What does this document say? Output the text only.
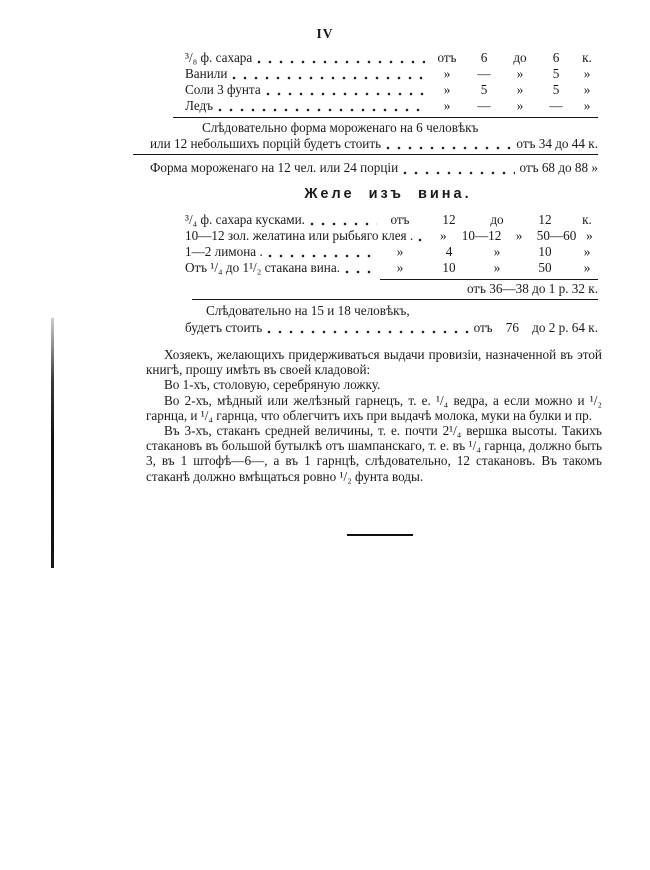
IV
³/₈ ф. сахара	отъ	6	до	6	к.
Ванили	»	—	»	5	»
Соли 3 фунта	»	5	»	5	»
Ледъ	»	—	»	—	»
Слѣдовательно форма мороженаго на 6 человѣкъ
или 12 небольшихъ порцій будетъ стоить	отъ 34 до 44 к.
Форма мороженаго на 12 чел. или 24 порціи	отъ 68 до 88 »
Желе изъ вина.
³/₄ ф. сахара кусками.	отъ	12	до	12	к.
10—12 зол. желатина или рыбьяго клея .	»	10—12	»	50—60 »
1—2 лимона .	»	4	»	10	»
Отъ ¹/₄ до 1¹/₂ стакана вина.	»	10	»	50	»
отъ 36—38 до 1 р. 32 к.
Слѣдовательно на 15 и 18 человѣкъ,
будетъ стоить	отъ    76    до 2 р. 64 к.

Хозяекъ, желающихъ придерживаться выдачи провизіи, назначенной въ этой книгѣ, прошу имѣть въ своей кладовой:

Во 1-хъ, столовую, серебряную ложку.

Во 2-хъ, мѣдный или желѣзный гарнецъ, т. е. ¹/₄ ведра, а если можно и ¹/₂ гарнца, и ¹/₄ гарнца, что облегчитъ ихъ при выдачѣ молока, муки на булки и пр.

Въ 3-хъ, стаканъ средней величины, т. е. почти 2¹/₄ вершка высоты. Такихъ стакановъ въ большой бутылкѣ отъ шампанскаго, т. е. въ ¹/₄ гарнца, должно быть 3, въ 1 штофѣ—6—, а въ 1 гарнцѣ, слѣдовательно, 12 стакановъ. Въ такомъ стаканѣ должно вмѣщаться ровно ¹/₂ фунта воды.
